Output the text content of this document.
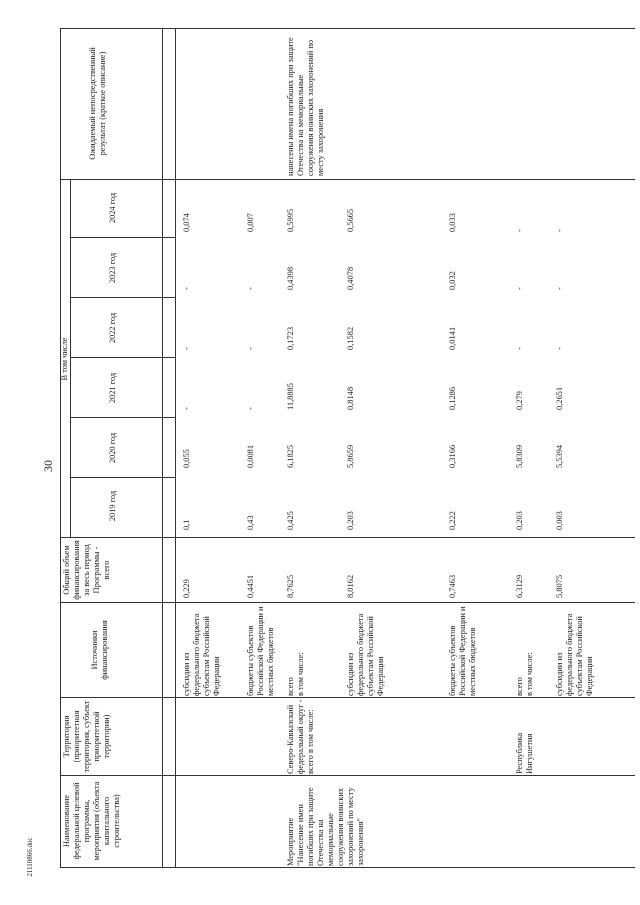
30
21110866.doc
Наименование федеральной целевой программы, мероприятия (объекта капитального строительства)
Территория (приоритетная территория, субъект приоритетной территории)
Источники финансирования
Общий объем финансирования за весь период Программы - всего
В том числе
2019 год
2020 год
2021 год
2022 год
2023 год
2024 год
Ожидаемый непосредственный результат (краткое описание)
субсидии из федерального бюджета субъектам Российской Федерации
0,229
0,1
0,055
-
-
-
0,074
бюджеты субъектов Российской Федерации и местных бюджетов
0,4451
0,43
0,0081
-
-
-
0,007
Мероприятие "Нанесение имен погибших при защите Отечества на мемориальные сооружения воинских захоронений по месту захоронения"
Северо-Кавказский федеральный округ - всего в том числе:
всего
в том числе:
8,7625
0,425
6,1825
11,8885
0,1723
0,4398
0,5995
нанесены имена погибших при защите Отечества на мемориальные сооружения воинских захоронений по месту захоронения
субсидии из федерального бюджета субъектам Российской Федерации
8,0162
0,203
5,8659
0,8148
0,1582
0,4078
0,5665
бюджеты субъектов Российской Федерации и местных бюджетов
0,7463
0,222
0,3166
0,1286
0,0141
0,032
0,033
Республика Ингушетия
всего
в том числе:
6,3129
0,203
5,8309
0,279
-
-
-
субсидии из федерального бюджета субъектам Российской Федерации
5,8075
0,003
5,5394
0,2651
-
-
-
